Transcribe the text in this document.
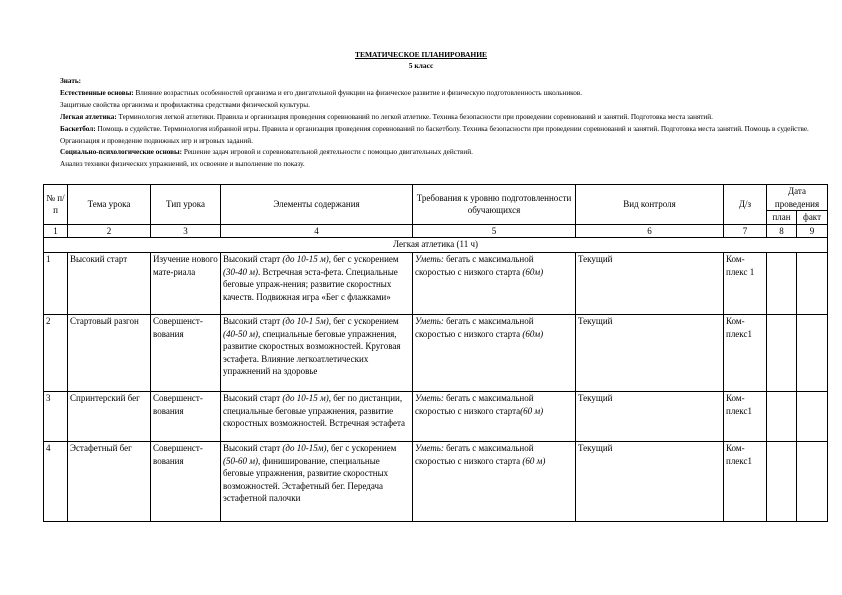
ТЕМАТИЧЕСКОЕ ПЛАНИРОВАНИЕ
5 класс

Знать:

Естественные основы: Влияние возрастных особенностей организма и его двигательной функции на физическое развитие и физическую подготовленность школьников.

Защитные свойства организма и профилактика средствами физической культуры.

Легкая атлетика: Терминология легкой атлетики. Правила и организация проведения соревнований по легкой атлетике. Техника безопасности при проведении соревнований и занятий. Подготовка места занятий.

Баскетбол: Помощь в судействе. Терминология избранной игры. Правила и организация проведения соревнований по баскетболу. Техника безопасности при проведении соревнований и занятий. Подготовка места занятий. Помощь в судействе. Организация и проведение подвижных игр и игровых заданий.

Социально-психологические основы: Решение задач игровой и соревновательной деятельности с помощью двигательных действий.

Анализ техники физических упражнений, их освоение и выполнение по показу.

№ п/п	Тема урока	Тип урока	Элементы содержания	Требования к уровню подготовленности обучающихся	Вид контроля	Д/з	Дата проведения	
							план	факт
1	2	3	4	5	6	7	8	9
Легкая атлетика (11 ч)								
1	Высокий старт	Изучение нового мате-риала	Высокий старт (до 10-15 м), бег с ускорением (30-40 м). Встречная эста-фета. Специальные беговые упраж-нения; развитие скоростных качеств. Подвижная игра «Бег с флажками»	Уметь: бегать с максимальной скоростью с низкого старта (60м)	Текущий	Ком-плекс 1		
2	Стартовый разгон	Совершенст-вования	Высокий старт (до 10-1 5м), бег с ускорением (40-50 м), специальные беговые упражнения, развитие скоростных возможностей. Круговая эстафета. Влияние легкоатлетических упражнений на здоровье	Уметь: бегать с максимальной скоростью с низкого старта (60м)	Текущий	Ком-плекс1		
3	Спринтерский бег	Совершенст-вования	Высокий старт (до 10-15 м), бег по дистанции, специальные беговые упражнения, развитие скоростных возможностей. Встречная эстафета	Уметь: бегать с максимальной скоростью с низкого старта(60 м)	Текущий	Ком-плекс1		
4	Эстафетный бег	Совершенст-вования	Высокий старт (до 10-15м), бег с ускорением (50-60 м), финиширование, специальные беговые упражнения, развитие скоростных возможностей. Эстафетный бег. Передача эстафетной палочки	Уметь: бегать с максимальной скоростью с низкого старта (60 м)	Текущий	Ком-плекс1		
